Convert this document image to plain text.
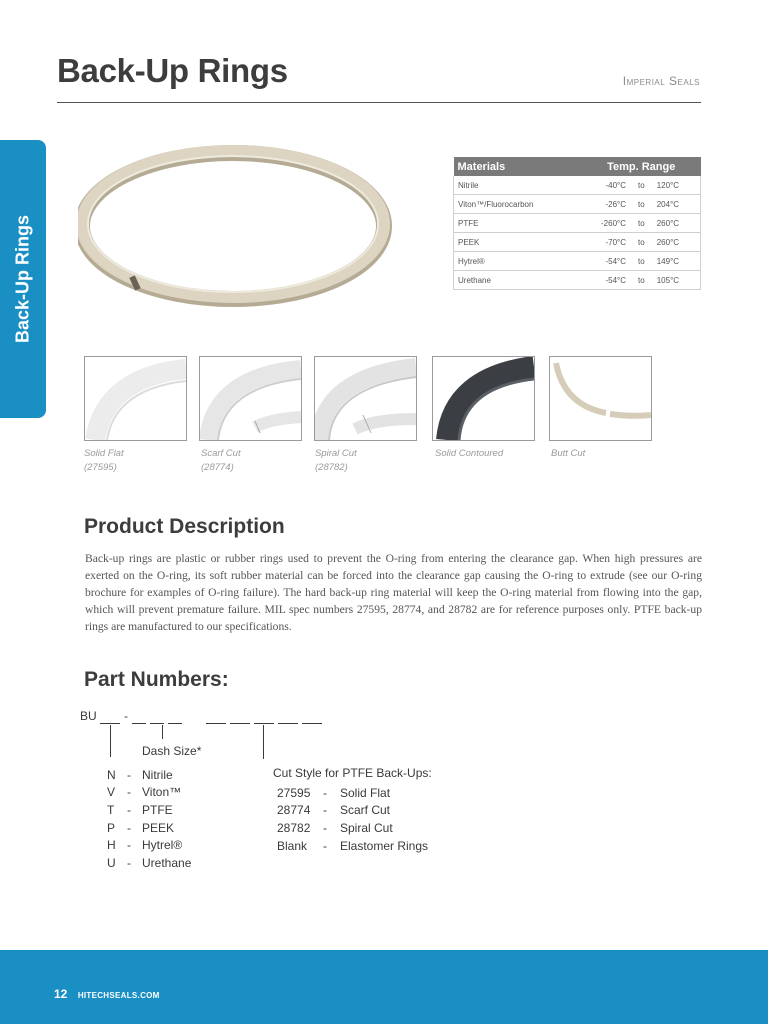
Back-Up Rings	Imperial Seals
Back-Up Rings
Materials	Temp. Range		
Nitrile	-40°C	to	120°C
Viton™/Fluorocarbon	-26°C	to	204°C
PTFE	-260°C	to	260°C
PEEK	-70°C	to	260°C
Hytrel®	-54°C	to	149°C
Urethane	-54°C	to	105°C
Solid Flat
(27595)
Scarf Cut
(28774)
Spiral Cut
(28782)
Solid Contoured	Butt Cut
Product Description
Back-up rings are plastic or rubber rings used to prevent the O-ring from entering the clearance gap. When high pressures are exerted on the O-ring, its soft rubber material can be forced into the clearance gap causing the O-ring to extrude (see our O-ring brochure for examples of O-ring failure). The hard back-up ring material will keep the O-ring material from flowing into the gap, which will prevent premature failure. MIL spec numbers 27595, 28774, and 28782 are for reference purposes only. PTFE back-up rings are manufactured to our specifications.
Part Numbers:
BU -
Dash Size*
Cut Style for PTFE Back-Ups:
N - Nitrile
V - Viton™
T - PTFE
P - PEEK
H - Hytrel®
U - Urethane
27595 - Solid Flat
28774 - Scarf Cut
28782 - Spiral Cut
Blank - Elastomer Rings
12 HITECHSEALS.COM
